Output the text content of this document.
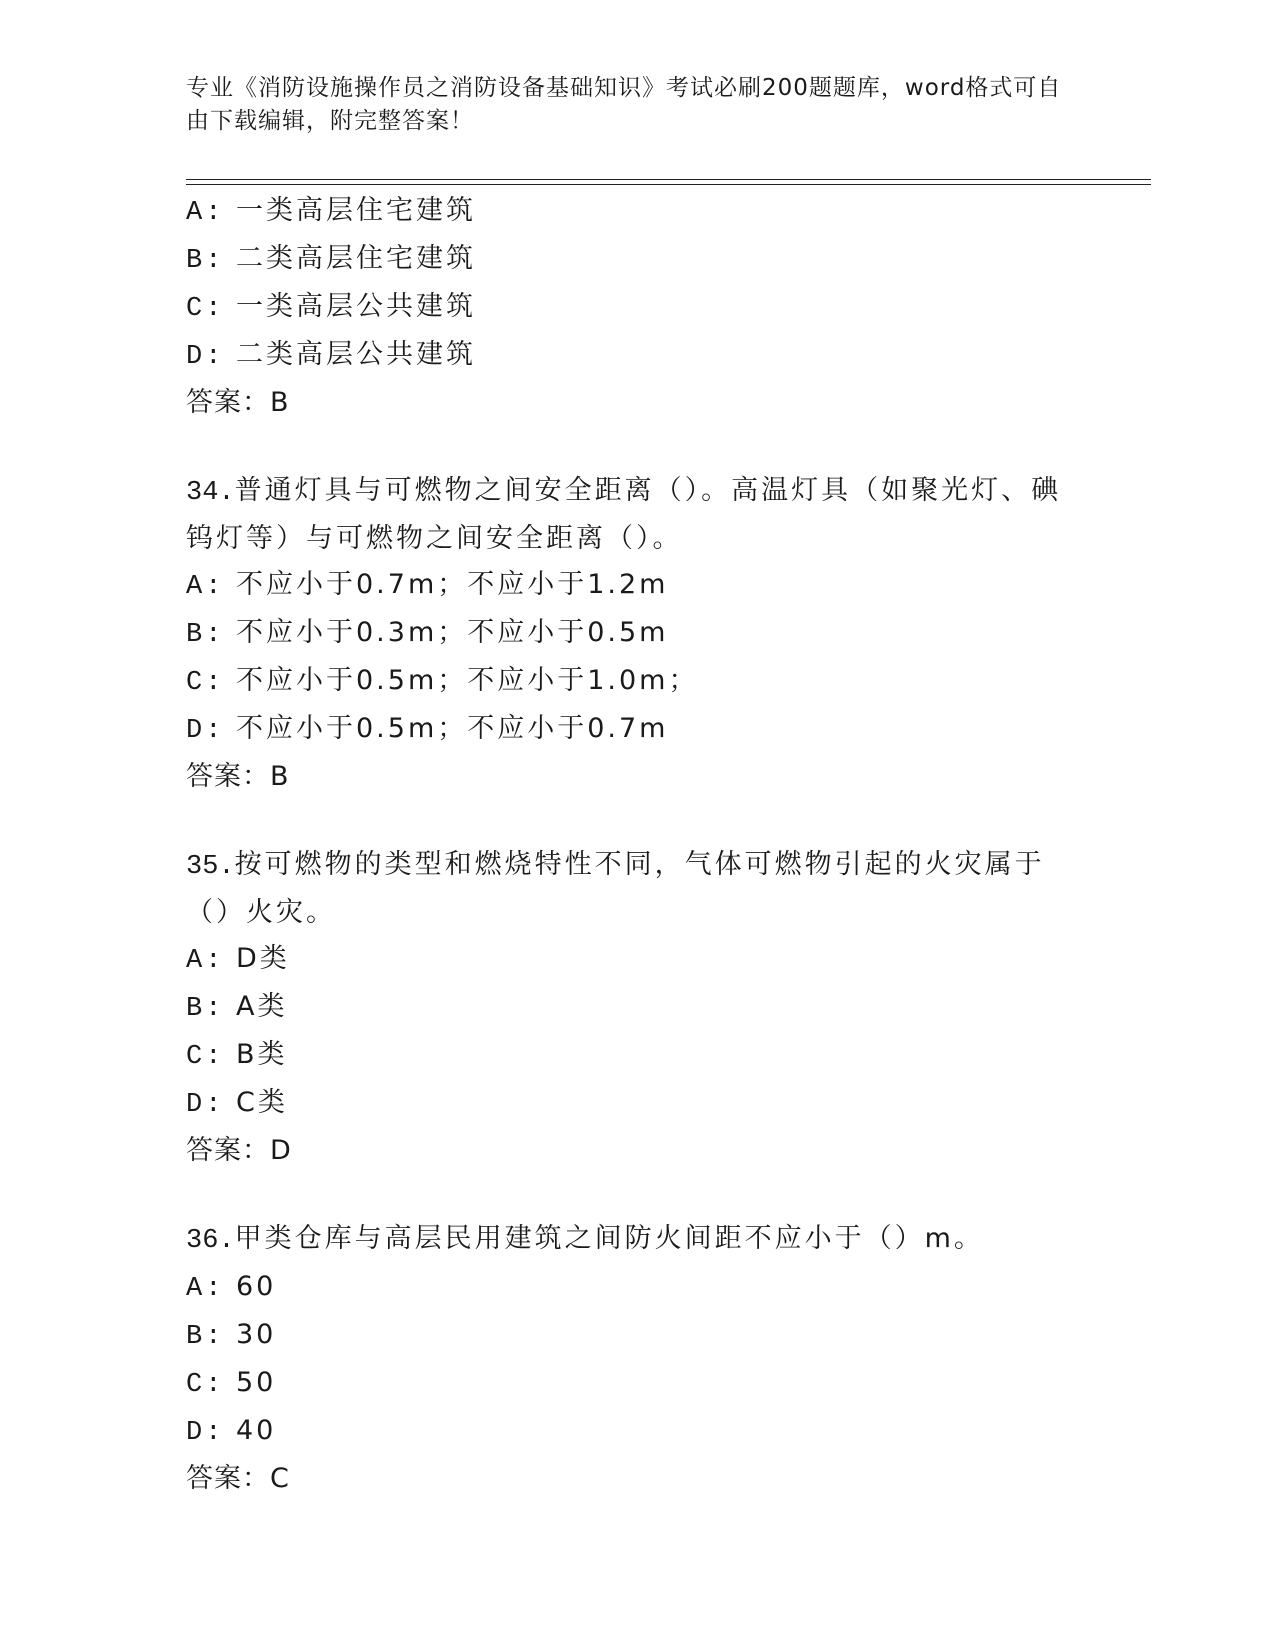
专业《消防设施操作员之消防设备基础知识》考试必刷200题题库，word格式可自由下载编辑，附完整答案！
A: 一类高层住宅建筑
B: 二类高层住宅建筑
C: 一类高层公共建筑
D: 二类高层公共建筑
答案：B
34.普通灯具与可燃物之间安全距离（）。高温灯具（如聚光灯、碘钨灯等）与可燃物之间安全距离（）。
A: 不应小于0.7m；不应小于1.2m
B: 不应小于0.3m；不应小于0.5m
C: 不应小于0.5m；不应小于1.0m；
D: 不应小于0.5m；不应小于0.7m
答案：B
35.按可燃物的类型和燃烧特性不同，气体可燃物引起的火灾属于（）火灾。
A: D类
B: A类
C: B类
D: C类
答案：D
36.甲类仓库与高层民用建筑之间防火间距不应小于（）m。
A: 60
B: 30
C: 50
D: 40
答案：C
